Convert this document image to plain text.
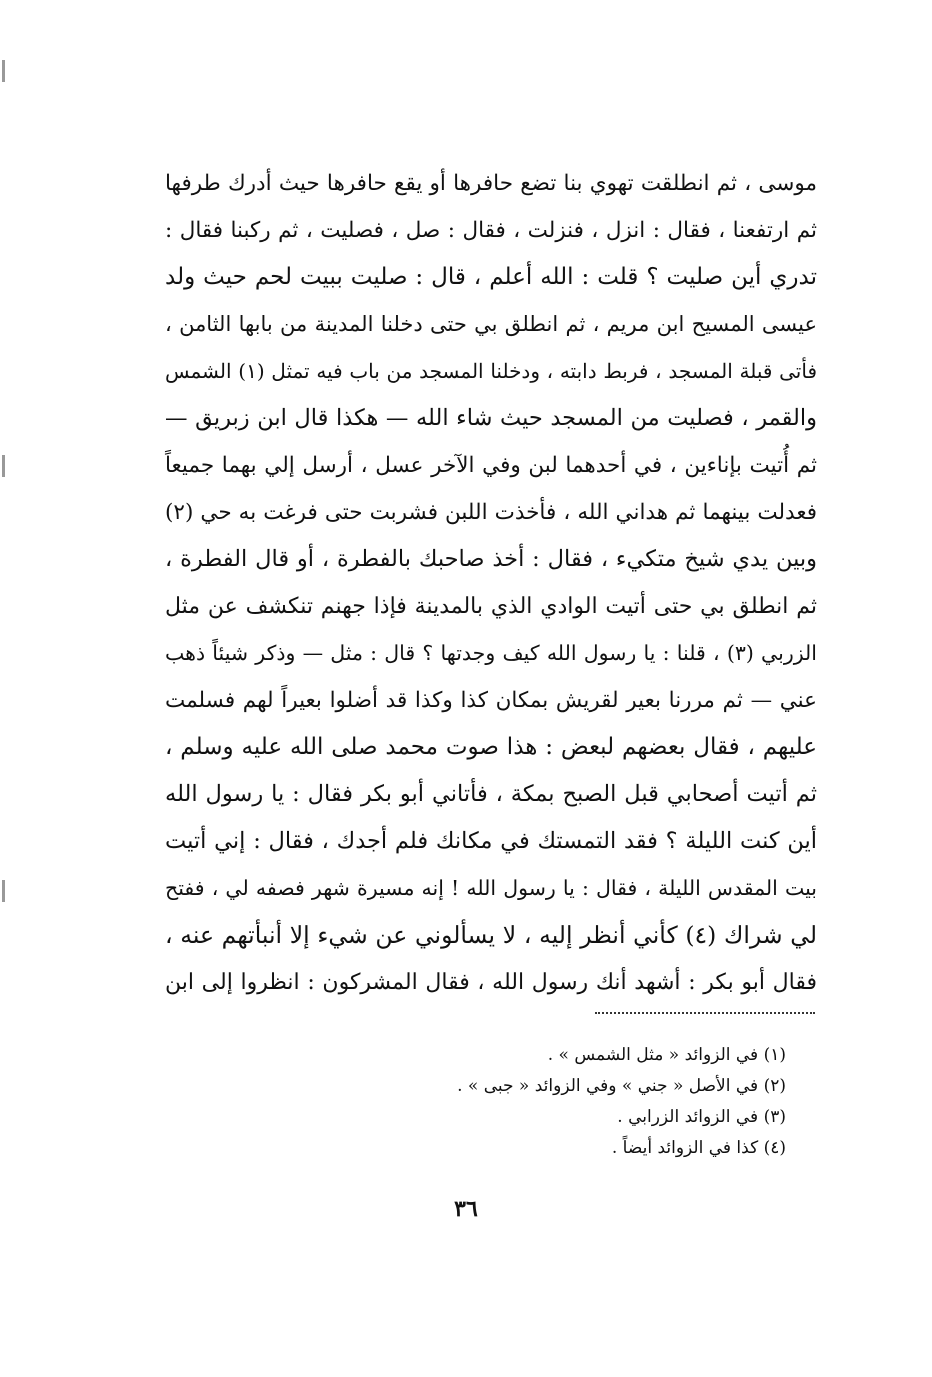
موسى ، ثم انطلقت تهوي بنا تضع حافرها أو يقع حافرها حيث أدرك طرفها
ثم ارتفعنا ، فقال : انزل ، فنزلت ، فقال : صل ، فصليت ، ثم ركبنا فقال :
تدري أين صليت ؟ قلت : الله أعلم ، قال : صليت ببيت لحم حيث ولد
عيسى المسيح ابن مريم ، ثم انطلق بي حتى دخلنا المدينة من بابها الثامن ،
فأتى قبلة المسجد ، فربط دابته ، ودخلنا المسجد من باب فيه تمثل (١) الشمس
والقمر ، فصليت من المسجد حيث شاء الله — هكذا قال ابن زبريق —
ثم أُتيت بإناءين ، في أحدهما لبن وفي الآخر عسل ، أرسل إلي بهما جميعاً
فعدلت بينهما ثم هداني الله ، فأخذت اللبن فشربت حتى فرغت به حي (٢)
وبين يدي شيخ متكيء ، فقال : أخذ صاحبك بالفطرة ، أو قال الفطرة ،
ثم انطلق بي حتى أتيت الوادي الذي بالمدينة فإذا جهنم تنكشف عن مثل
الزربي (٣) ، قلنا : يا رسول الله كيف وجدتها ؟ قال : مثل — وذكر شيئاً ذهب
عني — ثم مررنا بعير لقريش بمكان كذا وكذا قد أضلوا بعيراً لهم فسلمت
عليهم ، فقال بعضهم لبعض : هذا صوت محمد صلى الله عليه وسلم ،
ثم أتيت أصحابي قبل الصبح بمكة ، فأتاني أبو بكر فقال : يا رسول الله
أين كنت الليلة ؟ فقد التمستك في مكانك فلم أجدك ، فقال : إني أتيت
بيت المقدس الليلة ، فقال : يا رسول الله ! إنه مسيرة شهر فصفه لي ، ففتح
لي شراك (٤) كأني أنظر إليه ، لا يسألوني عن شيء إلا أنبأتهم عنه ،
فقال أبو بكر : أشهد أنك رسول الله ، فقال المشركون : انظروا إلى ابن
(١) في الزوائد « مثل الشمس » .
(٢) في الأصل « جني » وفي الزوائد « جبى » .
(٣) في الزوائد الزرابي .
(٤) كذا في الزوائد أيضاً .
٣٦
